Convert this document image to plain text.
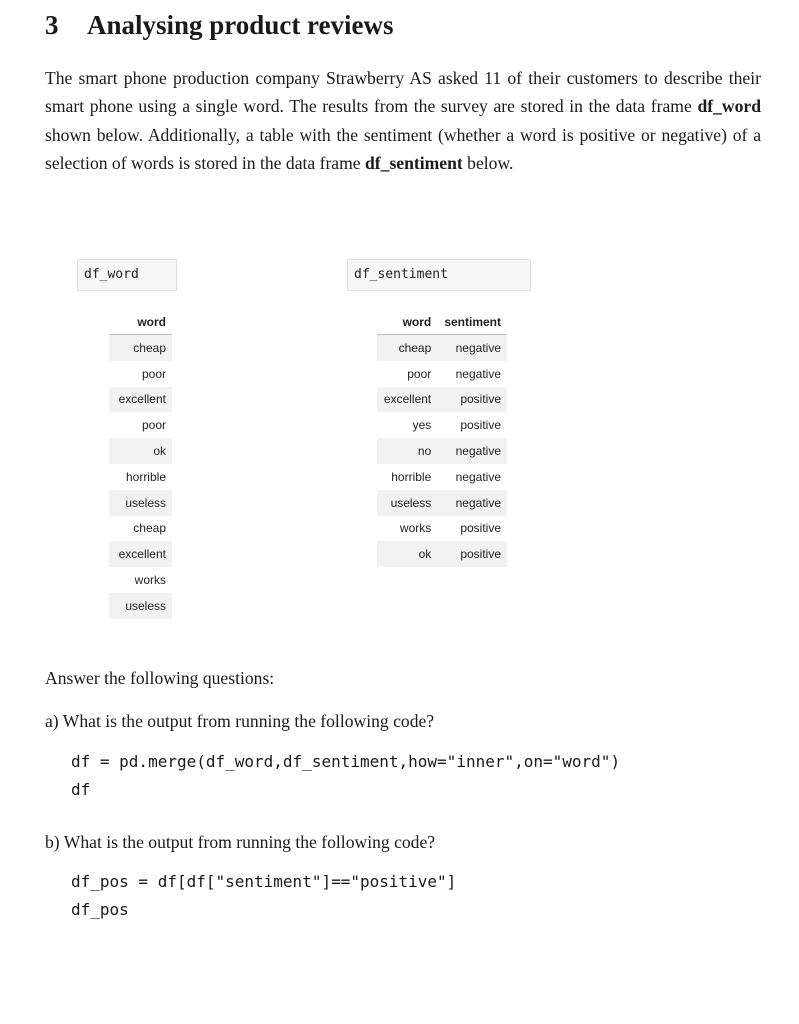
3 Analysing product reviews
The smart phone production company Strawberry AS asked 11 of their customers to describe their smart phone using a single word. The results from the survey are stored in the data frame df_word shown below. Additionally, a table with the sentiment (whether a word is positive or negative) of a selection of words is stored in the data frame df_sentiment below.
df_word	df_sentiment
word
cheap
poor
excellent
poor
ok
horrible
useless
cheap
excellent
works
useless
word	sentiment
cheap	negative
poor	negative
excellent	positive
yes	positive
no	negative
horrible	negative
useless	negative
works	positive
ok	positive
Answer the following questions:
a) What is the output from running the following code?
df = pd.merge(df_word,df_sentiment,how="inner",on="word")
df
b) What is the output from running the following code?
df_pos = df[df["sentiment"]=="positive"]
df_pos
